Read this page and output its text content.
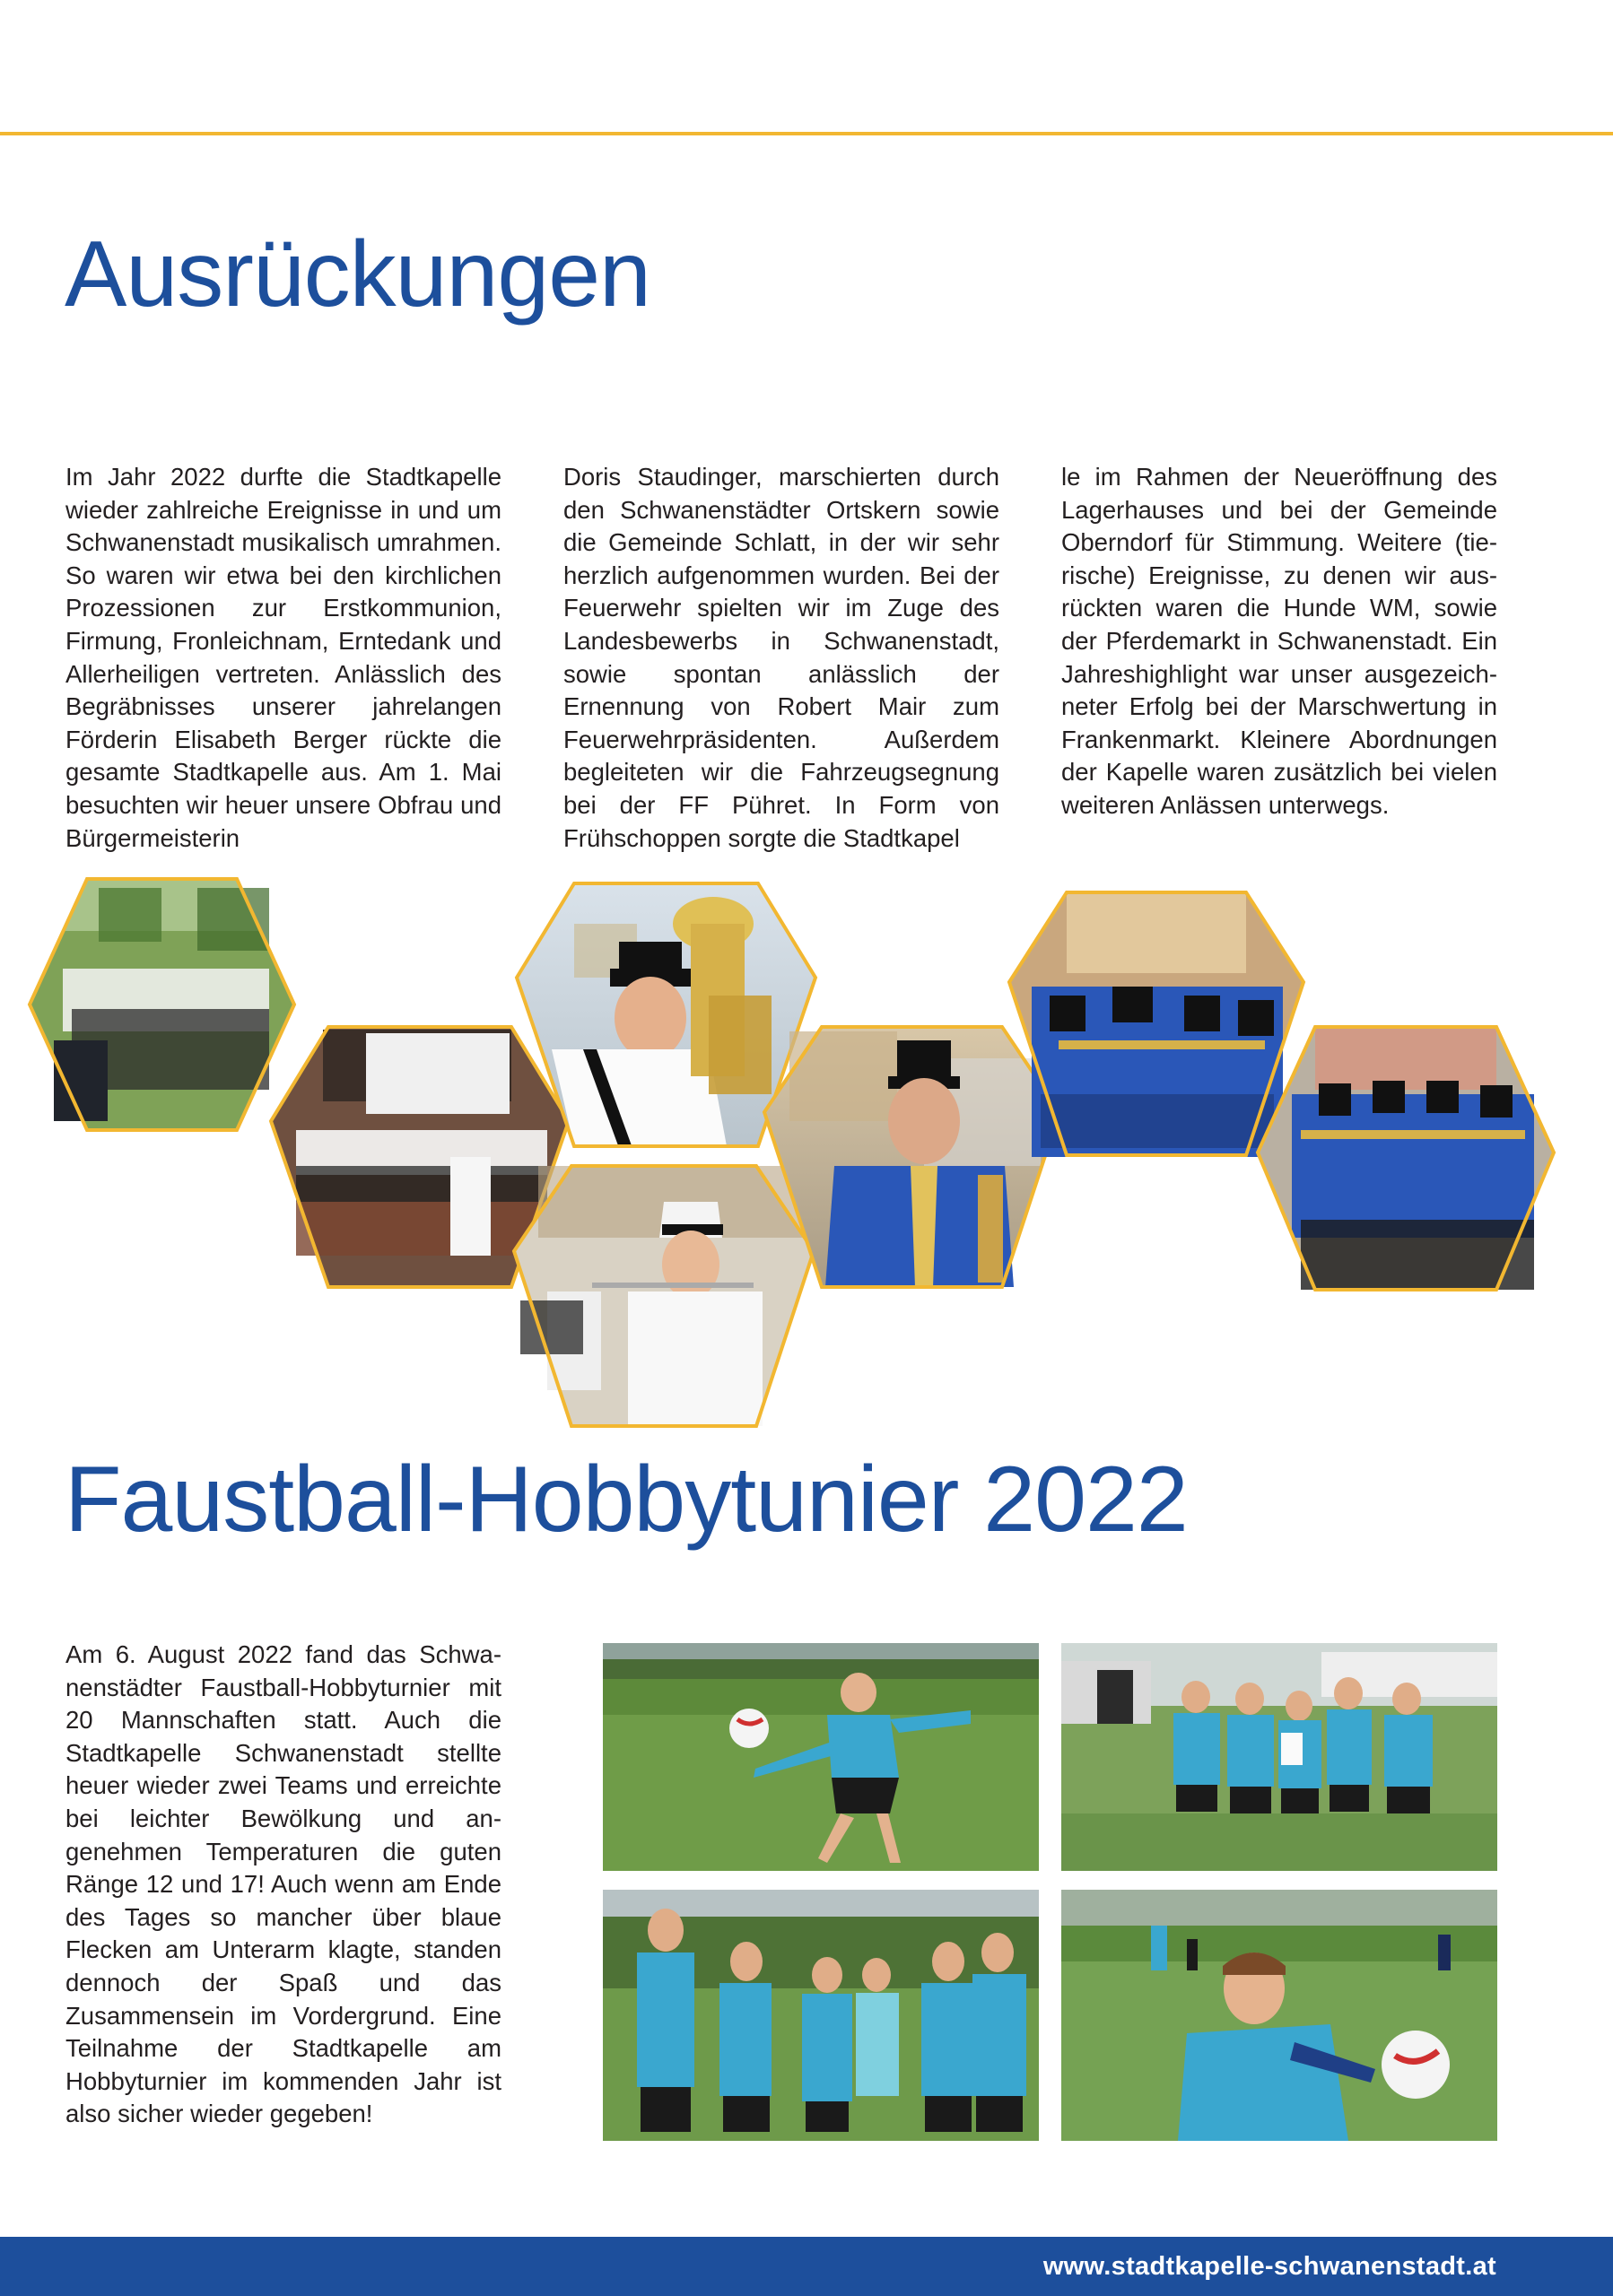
Ausrückungen

Im Jahr 2022 durfte die Stadtkapelle wieder zahlreiche Ereignisse in und um Schwanenstadt musikalisch umrahmen. So waren wir etwa bei den kirchlichen Prozessionen zur Erstkommunion, Firmung, Fronleichnam, Erntedank und Allerheiligen vertreten. Anlässlich des Begräbnisses unserer jahrelangen Förderin Elisabeth Berger rückte die gesamte Stadtkapelle aus. Am 1. Mai besuchten wir heuer unsere Obfrau und Bürgermeisterin

Doris Staudinger, marschierten durch den Schwanenstädter Ortskern sowie die Gemeinde Schlatt, in der wir sehr herzlich aufgenommen wurden. Bei der Feuerwehr spielten wir im Zuge des Landesbewerbs in Schwanenstadt, sowie spontan anlässlich der Ernennung von Robert Mair zum Feuerwehrpräsidenten. Außerdem begleiteten wir die Fahrzeugsegnung bei der FF Pühret. In Form von Frühschoppen sorgte die Stadtkapel

le im Rahmen der Neueröffnung des Lagerhauses und bei der Gemeinde Oberndorf für Stimmung. Weitere (tierische) Ereignisse, zu denen wir ausrückten waren die Hunde WM, sowie der Pferdemarkt in Schwanenstadt. Ein Jahreshighlight war unser ausgezeichneter Erfolg bei der Marschwertung in Frankenmarkt. Kleinere Abordnungen der Kapelle waren zusätzlich bei vielen weiteren Anlässen unterwegs.

Faustball-Hobbytunier 2022

Am 6. August 2022 fand das Schwanenstädter Faustball-Hobbyturnier mit 20 Mannschaften statt. Auch die Stadtkapelle Schwanenstadt stellte heuer wieder zwei Teams und erreichte bei leichter Bewölkung und angenehmen Temperaturen die guten Ränge 12 und 17! Auch wenn am Ende des Tages so mancher über blaue Flecken am Unterarm klagte, standen dennoch der Spaß und das Zusammensein im Vordergrund. Eine Teilnahme der Stadtkapelle am Hobbyturnier im kommenden Jahr ist also sicher wieder gegeben!

www.stadtkapelle-schwanenstadt.at
